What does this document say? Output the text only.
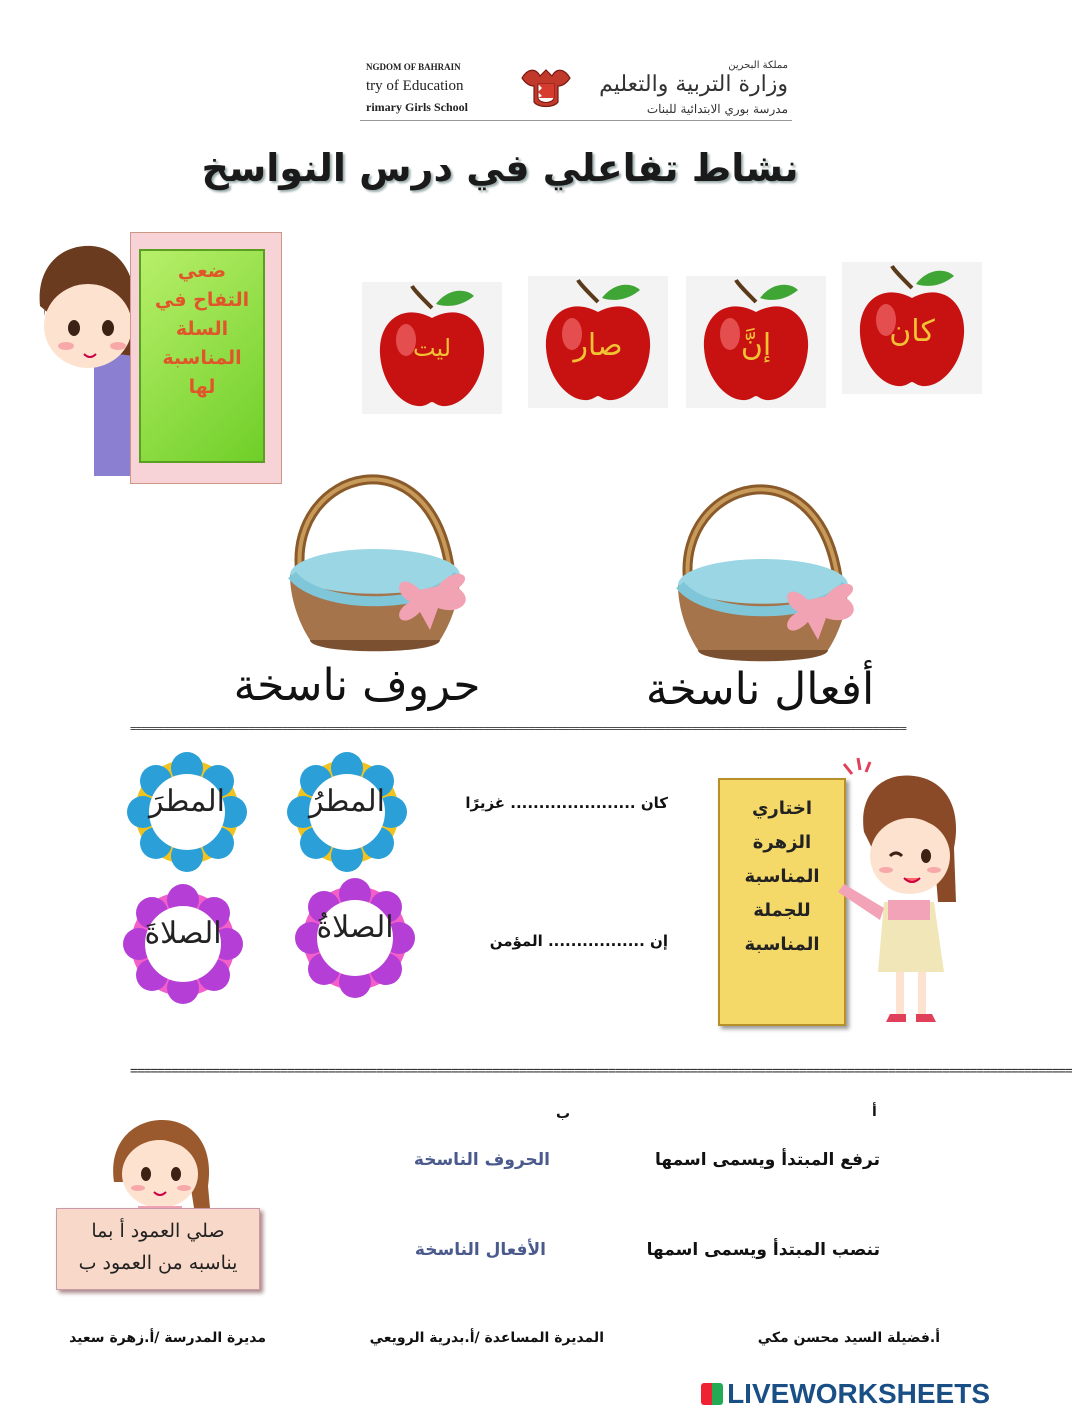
NGDOM OF BAHRAIN
try of Education
rimary Girls School
مملكة البحرين
وزارة التربية والتعليم
مدرسة بوري الابتدائية للبنات
نشاط تفاعلي في درس النواسخ
ضعي
التفاح في
السلة
المناسبة
لها
كان
إنَّ
صار
ليت
أفعال ناسخة
حروف ناسخة
==========================================================================================================================================
اختاري
الزهرة
المناسبة
للجملة
المناسبة
كان ...................... غزيرًا
إن ................. المؤمن
المطرُ
المطرَ
الصلاةُ
الصلاةَ
==========================================================================================================================================
صلي العمود أ بما
يناسبه من العمود ب
أ
ب
ترفع المبتدأ ويسمى اسمها
تنصب المبتدأ ويسمى اسمها
الحروف الناسخة
الأفعال الناسخة
أ.فضيلة السيد محسن مكي
المديرة المساعدة /أ.بدرية الرويعي
مديرة المدرسة /أ.زهرة سعيد
LIVEWORKSHEETS
